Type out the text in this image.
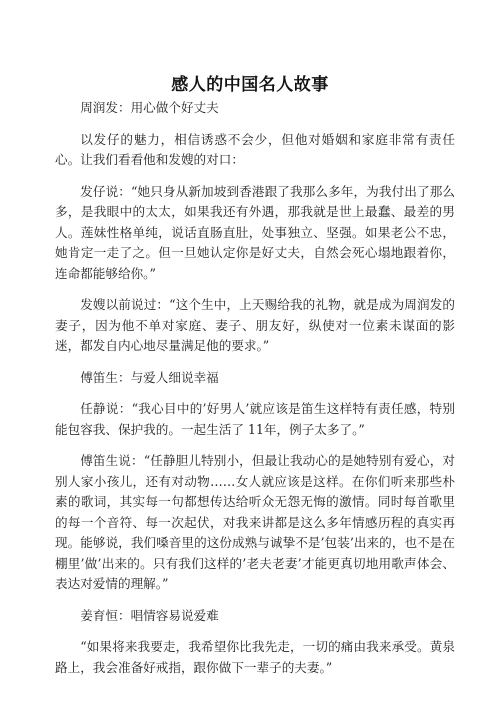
感人的中国名人故事

周润发：用心做个好丈夫

以发仔的魅力，相信诱惑不会少，但他对婚姻和家庭非常有责任心。让我们看看他和发嫂的对口：

发仔说：“她只身从新加坡到香港跟了我那么多年，为我付出了那么多，是我眼中的太太，如果我还有外遇，那我就是世上最蠢、最差的男人。莲妹性格单纯，说话直肠直肚，处事独立、坚强。如果老公不忠，她肯定一走了之。但一旦她认定你是好丈夫，自然会死心塌地跟着你，连命都能够给你。”

发嫂以前说过：“这个生中，上天赐给我的礼物，就是成为周润发的妻子，因为他不单对家庭、妻子、朋友好，纵使对一位素未谋面的影迷，都发自内心地尽量满足他的要求。”

傅笛生：与爱人细说幸福

任静说：“我心目中的’好男人’就应该是笛生这样特有责任感，特别能包容我、保护我的。一起生活了 11年，例子太多了。”

傅笛生说：“任静胆儿特别小，但最让我动心的是她特别有爱心，对别人家小孩儿，还有对动物……女人就应该是这样。在你们听来那些朴素的歌词，其实每一句都想传达给听众无怨无悔的激情。同时每首歌里的每一个音符、每一次起伏，对我来讲都是这么多年情感历程的真实再现。能够说，我们嗓音里的这份成熟与诚挚不是’包装’出来的，也不是在棚里’做’出来的。只有我们这样的’老夫老妻’才能更真切地用歌声体会、表达对爱情的理解。”

姜育恒：唱情容易说爱难

“如果将来我要走，我希望你比我先走，一切的痛由我来承受。黄泉路上，我会准备好戒指，跟你做下一辈子的夫妻。”
